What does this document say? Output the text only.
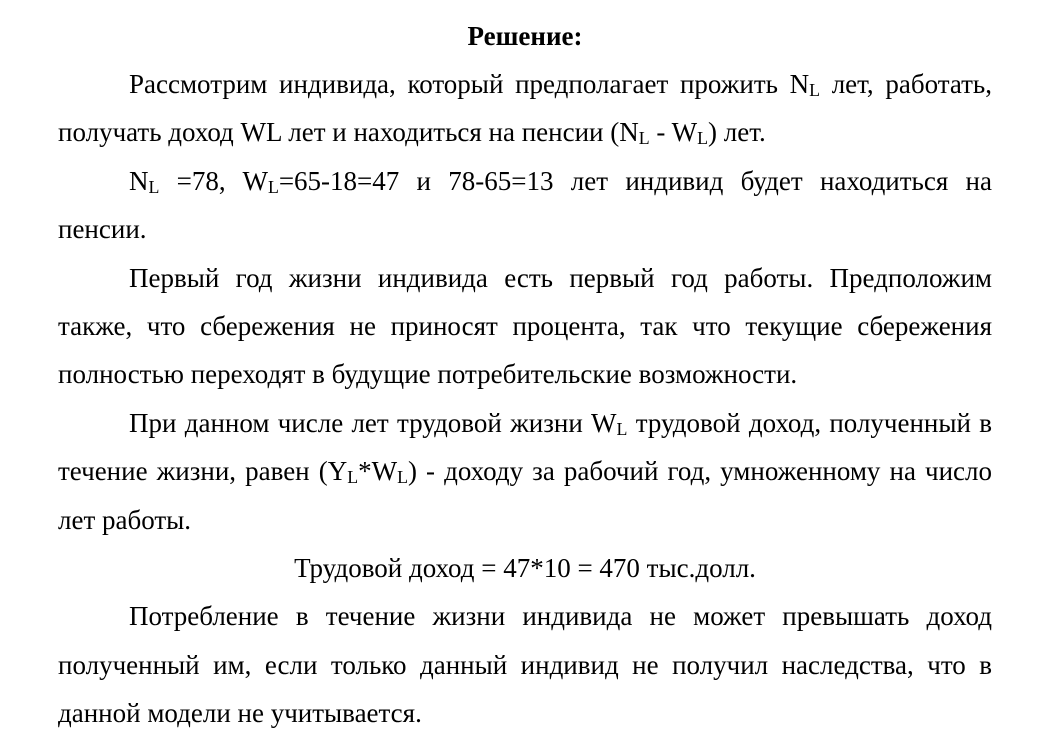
Решение:

Рассмотрим индивида, который предполагает прожить NL лет, работать, получать доход WL лет и находиться на пенсии (NL - WL) лет.

NL =78, WL=65-18=47 и 78-65=13 лет индивид будет находиться на пенсии.

Первый год жизни индивида есть первый год работы. Предположим также, что сбережения не приносят процента, так что текущие сбережения полностью переходят в будущие потребительские возможности.

При данном числе лет трудовой жизни WL трудовой доход, полученный в течение жизни, равен (YL*WL) - доходу за рабочий год, умноженному на число лет работы.

Трудовой доход = 47*10 = 470 тыс.долл.

Потребление в течение жизни индивида не может превышать доход полученный им, если только данный индивид не получил наследства, что в данной модели не учитывается.
